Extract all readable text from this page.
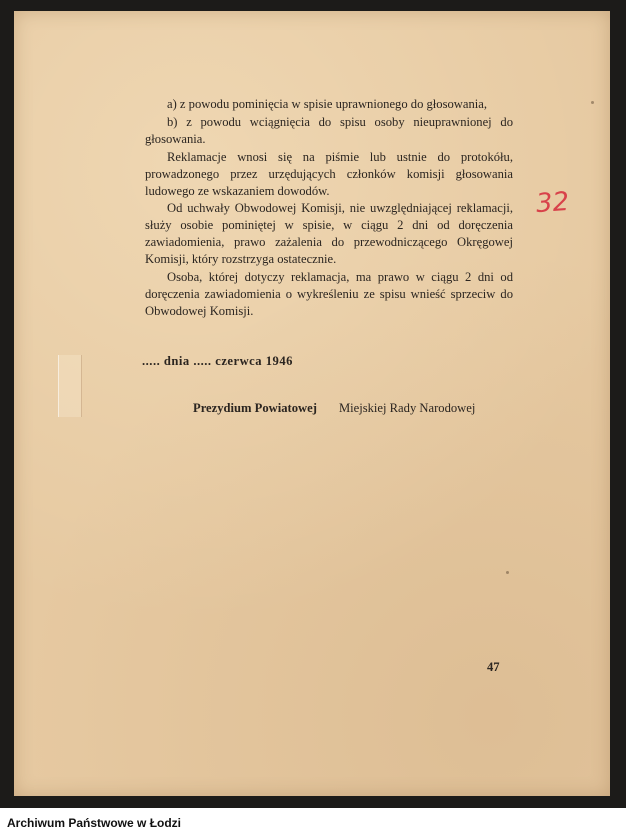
a) z powodu pominięcia w spisie uprawnionego do głosowania,

b) z powodu wciągnięcia do spisu osoby nieuprawnionej do głosowania.

Reklamacje wnosi się na piśmie lub ustnie do protokółu, prowadzonego przez urzędujących członków komisji głosowania ludowego ze wskazaniem dowodów.

Od uchwały Obwodowej Komisji, nie uwzględniającej reklamacji, służy osobie pominiętej w spisie, w ciągu 2 dni od doręczenia zawiadomienia, prawo zażalenia do przewodniczącego Okręgowej Komisji, który rozstrzyga ostatecznie.

Osoba, której dotyczy reklamacja, ma prawo w ciągu 2 dni od doręczenia zawiadomienia o wykreśleniu ze spisu wnieść sprzeciw do Obwodowej Komisji.

32
..... dnia ..... czerwca 1946
Prezydium Powiatowej Miejskiej Rady Narodowej
47
Archiwum Państwowe w Łodzi
